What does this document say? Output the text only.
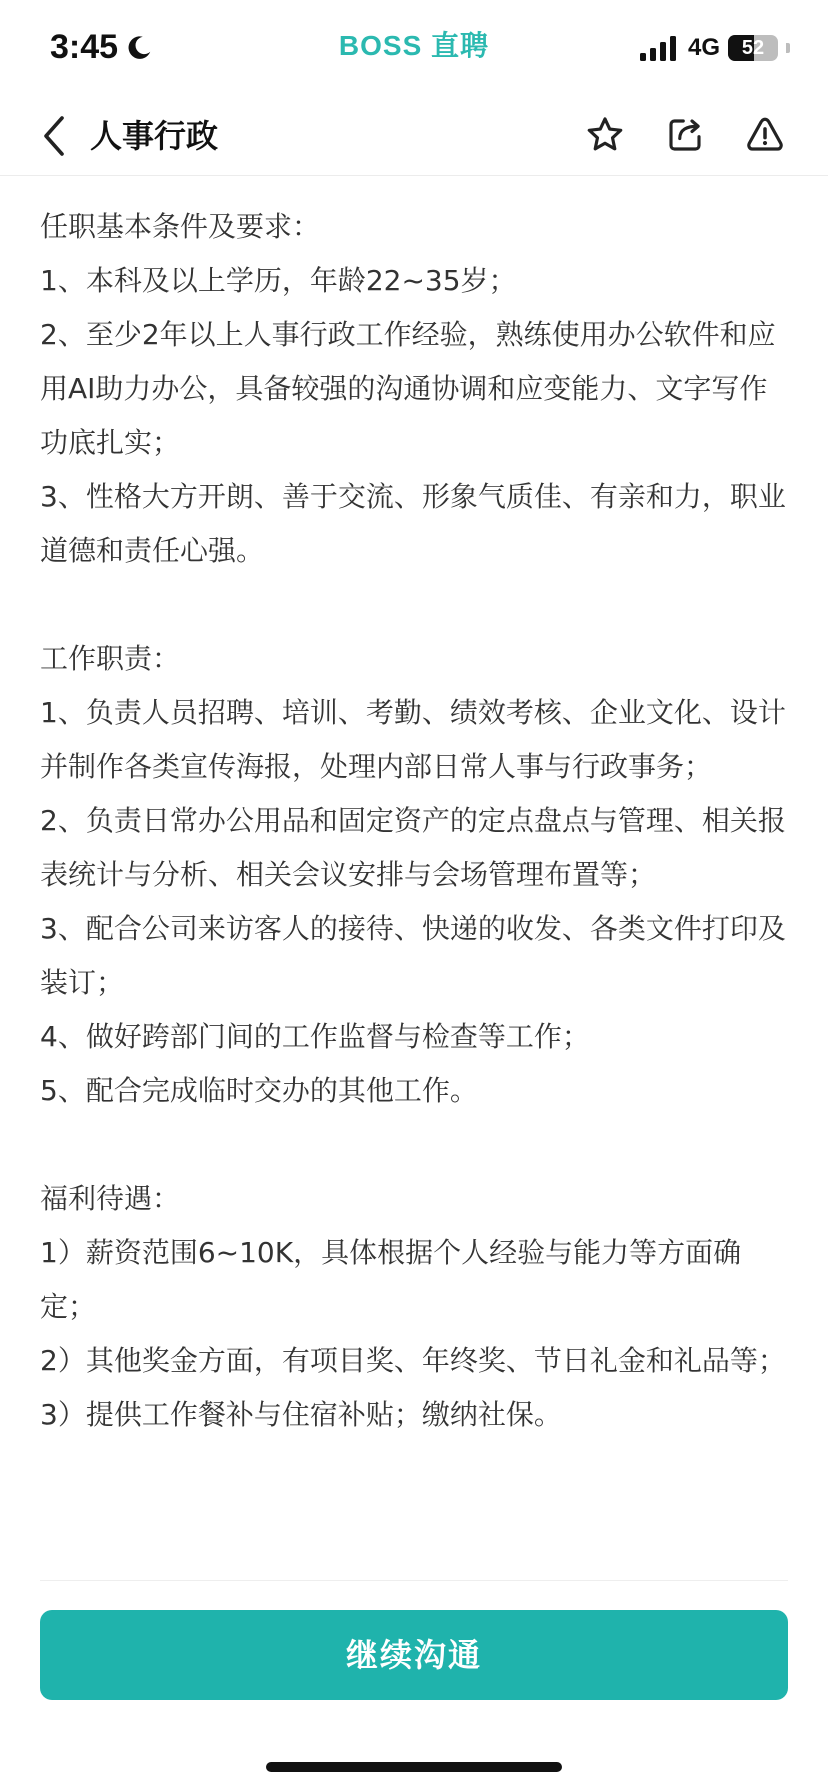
3:45	BOSS 直聘	4G	52
人事行政
任职基本条件及要求：
1、本科及以上学历，年龄22~35岁；
2、至少2年以上人事行政工作经验，熟练使用办公软件和应用AI助力办公，具备较强的沟通协调和应变能力、文字写作功底扎实；
3、性格大方开朗、善于交流、形象气质佳、有亲和力，职业道德和责任心强。
工作职责：
1、负责人员招聘、培训、考勤、绩效考核、企业文化、设计并制作各类宣传海报，处理内部日常人事与行政事务；
2、负责日常办公用品和固定资产的定点盘点与管理、相关报表统计与分析、相关会议安排与会场管理布置等；
3、配合公司来访客人的接待、快递的收发、各类文件打印及装订；
4、做好跨部门间的工作监督与检查等工作；
5、配合完成临时交办的其他工作。
福利待遇：
1）薪资范围6~10K，具体根据个人经验与能力等方面确定；
2）其他奖金方面，有项目奖、年终奖、节日礼金和礼品等；
3）提供工作餐补与住宿补贴；缴纳社保。
继续沟通
